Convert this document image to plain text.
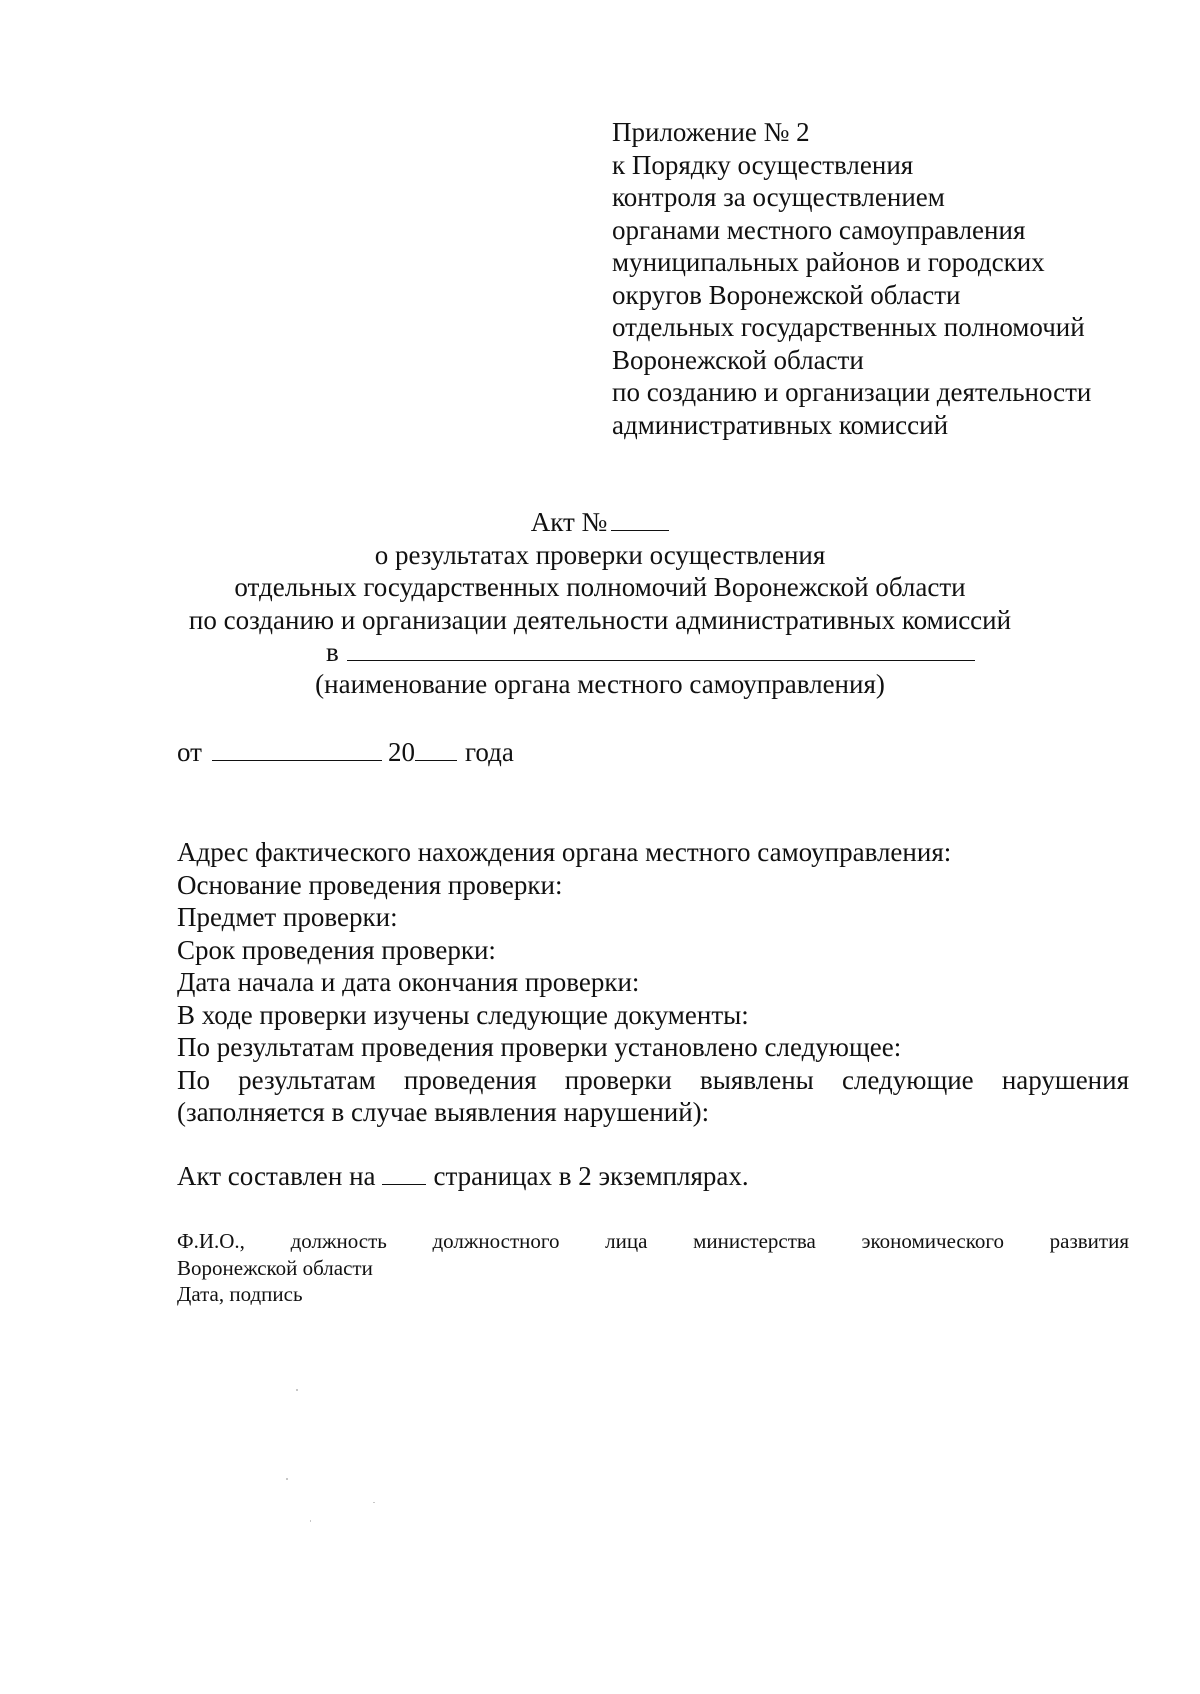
Приложение № 2
к Порядку осуществления
контроля за осуществлением
органами местного самоуправления
муниципальных районов и городских
округов Воронежской области
отдельных государственных полномочий
Воронежской области
по созданию и организации деятельности
административных комиссий
Акт №
о результатах проверки осуществления
отдельных государственных полномочий Воронежской области
по созданию и организации деятельности административных комиссий
в
(наименование органа местного самоуправления)
от	20 года
Адрес фактического нахождения органа местного самоуправления:
Основание проведения проверки:
Предмет проверки:
Срок проведения проверки:
Дата начала и дата окончания проверки:
В ходе проверки изучены следующие документы:
По результатам проведения проверки установлено следующее:
По результатам проведения проверки выявлены следующие нарушения
(заполняется в случае выявления нарушений):
Акт составлен на страницах в 2 экземплярах.
Ф.И.О., должность должностного лица министерства экономического развития
Воронежской области
Дата, подпись
